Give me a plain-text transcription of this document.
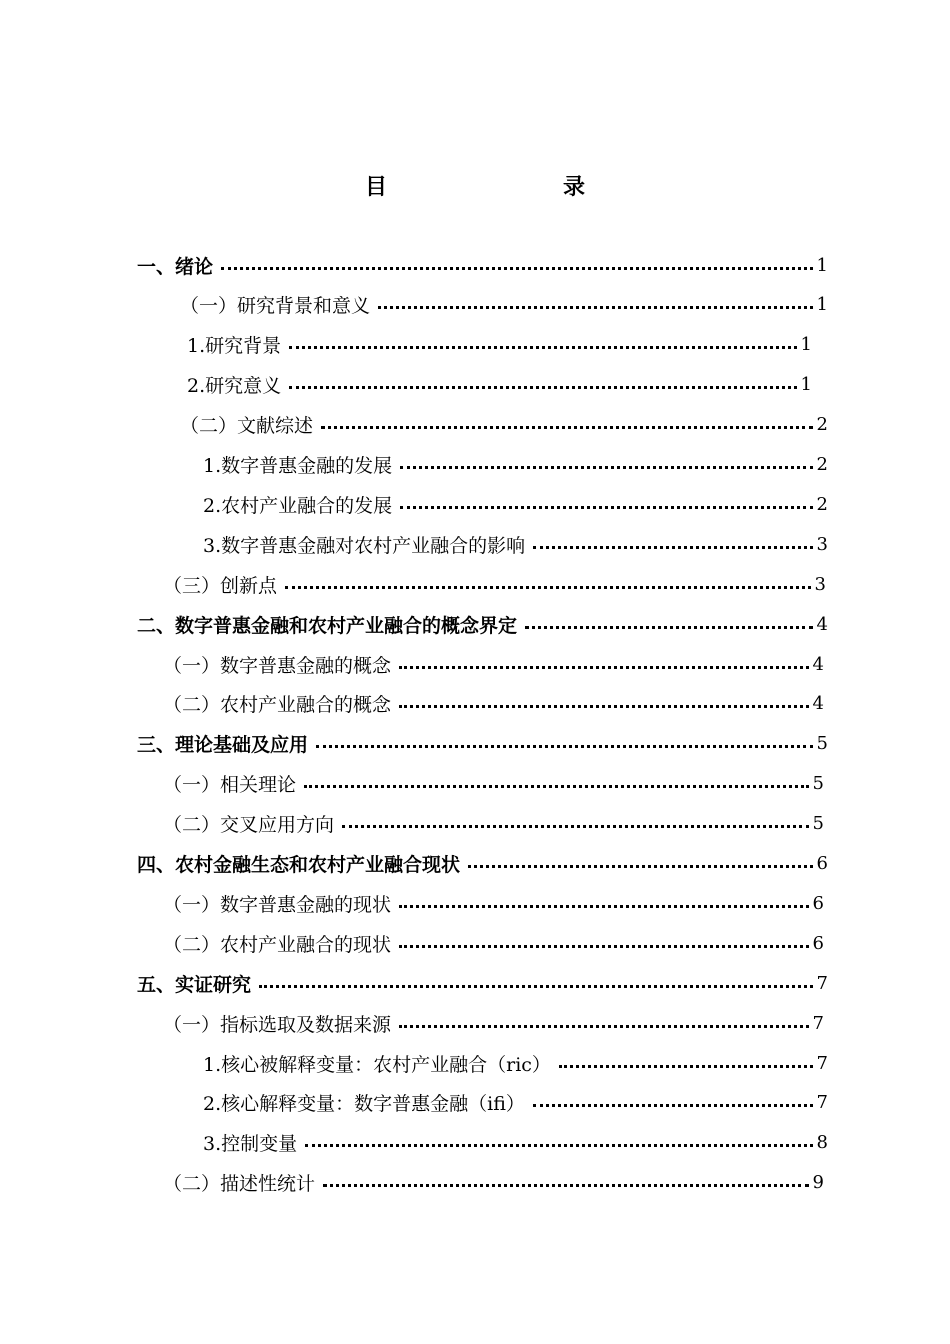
目　　录
一、绪论	1
（一）研究背景和意义	1
1.研究背景	1
2.研究意义	1
（二）文献综述	2
1.数字普惠金融的发展	2
2.农村产业融合的发展	2
3.数字普惠金融对农村产业融合的影响	3
（三）创新点	3
二、数字普惠金融和农村产业融合的概念界定	4
（一）数字普惠金融的概念	4
（二）农村产业融合的概念	4
三、理论基础及应用	5
（一）相关理论	5
（二）交叉应用方向	5
四、农村金融生态和农村产业融合现状	6
（一）数字普惠金融的现状	6
（二）农村产业融合的现状	6
五、实证研究	7
（一）指标选取及数据来源	7
1.核心被解释变量：农村产业融合（ric）	7
2.核心解释变量：数字普惠金融（ifi）	7
3.控制变量	8
（二）描述性统计	9
